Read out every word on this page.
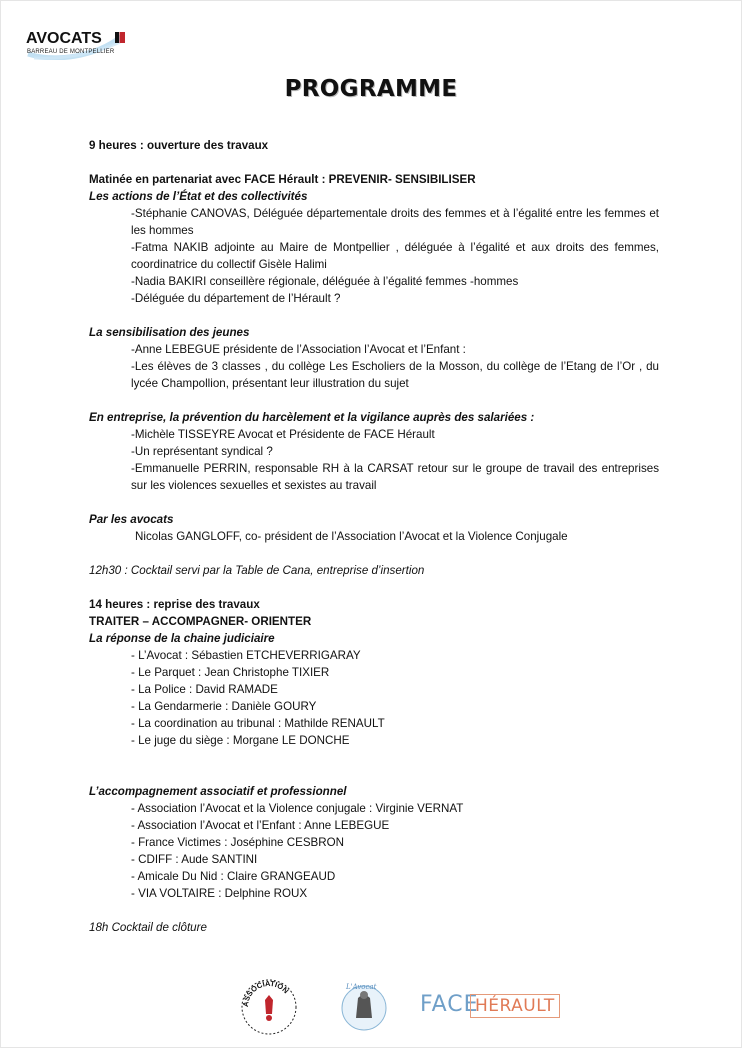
AVOCATS
BARREAU DE MONTPELLIER
PROGRAMME
9 heures : ouverture des travaux
Matinée en partenariat avec FACE Hérault : PREVENIR- SENSIBILISER
Les actions de l’État et des collectivités
-Stéphanie CANOVAS, Déléguée départementale droits des femmes et à l’égalité entre les femmes et les hommes
-Fatma NAKIB adjointe au Maire de Montpellier , déléguée à l’égalité et aux droits des femmes, coordinatrice du collectif Gisèle Halimi
-Nadia BAKIRI conseillère régionale, déléguée à l’égalité femmes -hommes
-Déléguée du département de l’Hérault ?
La sensibilisation des jeunes
-Anne LEBEGUE présidente de l’Association l’Avocat et l’Enfant :
-Les élèves de 3 classes , du collège Les Escholiers de la Mosson, du collège de l’Etang de l’Or , du lycée Champollion, présentant leur illustration du sujet
En entreprise, la prévention du harcèlement et la vigilance auprès des salariées :
-Michèle TISSEYRE Avocat et Présidente de FACE Hérault
-Un représentant syndical ?
-Emmanuelle PERRIN, responsable RH à la CARSAT retour sur le groupe de travail des entreprises sur les violences sexuelles et sexistes au travail
Par les avocats
Nicolas GANGLOFF, co- président de l’Association l’Avocat et la Violence Conjugale
12h30 : Cocktail servi par la Table de Cana, entreprise d’insertion
14 heures : reprise des travaux
TRAITER – ACCOMPAGNER- ORIENTER
La réponse de la chaine judiciaire
- L’Avocat : Sébastien ETCHEVERRIGARAY
- Le Parquet : Jean Christophe TIXIER
- La Police : David RAMADE
- La Gendarmerie : Danièle GOURY
- La coordination au tribunal : Mathilde RENAULT
- Le juge du siège : Morgane LE DONCHE
L’accompagnement associatif et professionnel
- Association l’Avocat et la Violence conjugale : Virginie VERNAT
- Association l’Avocat et l’Enfant : Anne LEBEGUE
- France Victimes : Joséphine CESBRON
- CDIFF : Aude SANTINI
- Amicale Du Nid : Claire GRANGEAUD
- VIA VOLTAIRE : Delphine ROUX
18h Cocktail de clôture
ASSOCIATION	L'Avocat
FACE
HÉRAULT
